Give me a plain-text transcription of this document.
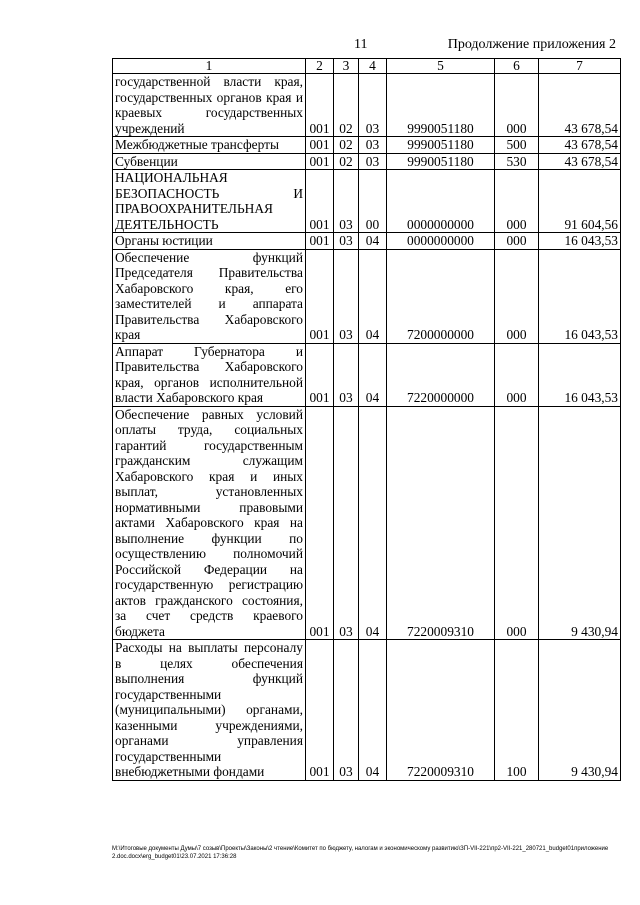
11	Продолжение приложения 2
1	2	3	4	5	6	7
государственной власти края, государственных органов края и краевых государственных учреждений	001	02	03	9990051180	000	43 678,54
Межбюджетные трансферты	001	02	03	9990051180	500	43 678,54
Субвенции	001	02	03	9990051180	530	43 678,54
НАЦИОНАЛЬНАЯ БЕЗОПАСНОСТЬ И ПРАВООХРАНИТЕЛЬНАЯ ДЕЯТЕЛЬНОСТЬ	001	03	00	0000000000	000	91 604,56
Органы юстиции	001	03	04	0000000000	000	16 043,53
Обеспечение функций Председателя Правительства Хабаровского края, его заместителей и аппарата Правительства Хабаровского края	001	03	04	7200000000	000	16 043,53
Аппарат Губернатора и Правительства Хабаровского края, органов исполнительной власти Хабаровского края	001	03	04	7220000000	000	16 043,53
Обеспечение равных условий оплаты труда, социальных гарантий государственным гражданским служащим Хабаровского края и иных выплат, установленных нормативными правовыми актами Хабаровского края на выполнение функции по осуществлению полномочий Российской Федерации на государственную регистрацию актов гражданского состояния, за счет средств краевого бюджета	001	03	04	7220009310	000	9 430,94
Расходы на выплаты персоналу в целях обеспечения выполнения функций государственными (муниципальными) органами, казенными учреждениями, органами управления государственными внебюджетными фондами	001	03	04	7220009310	100	9 430,94
М:\Итоговые документы Думы\7 созыв\Проекты\Законы\2 чтение\Комитет по бюджету, налогам и экономическому развитию\ЗП-VII-221\пр2-VII-221_280721_budget01приложение 2.doc.docx\erg_budget01\23.07.2021 17:36:28
